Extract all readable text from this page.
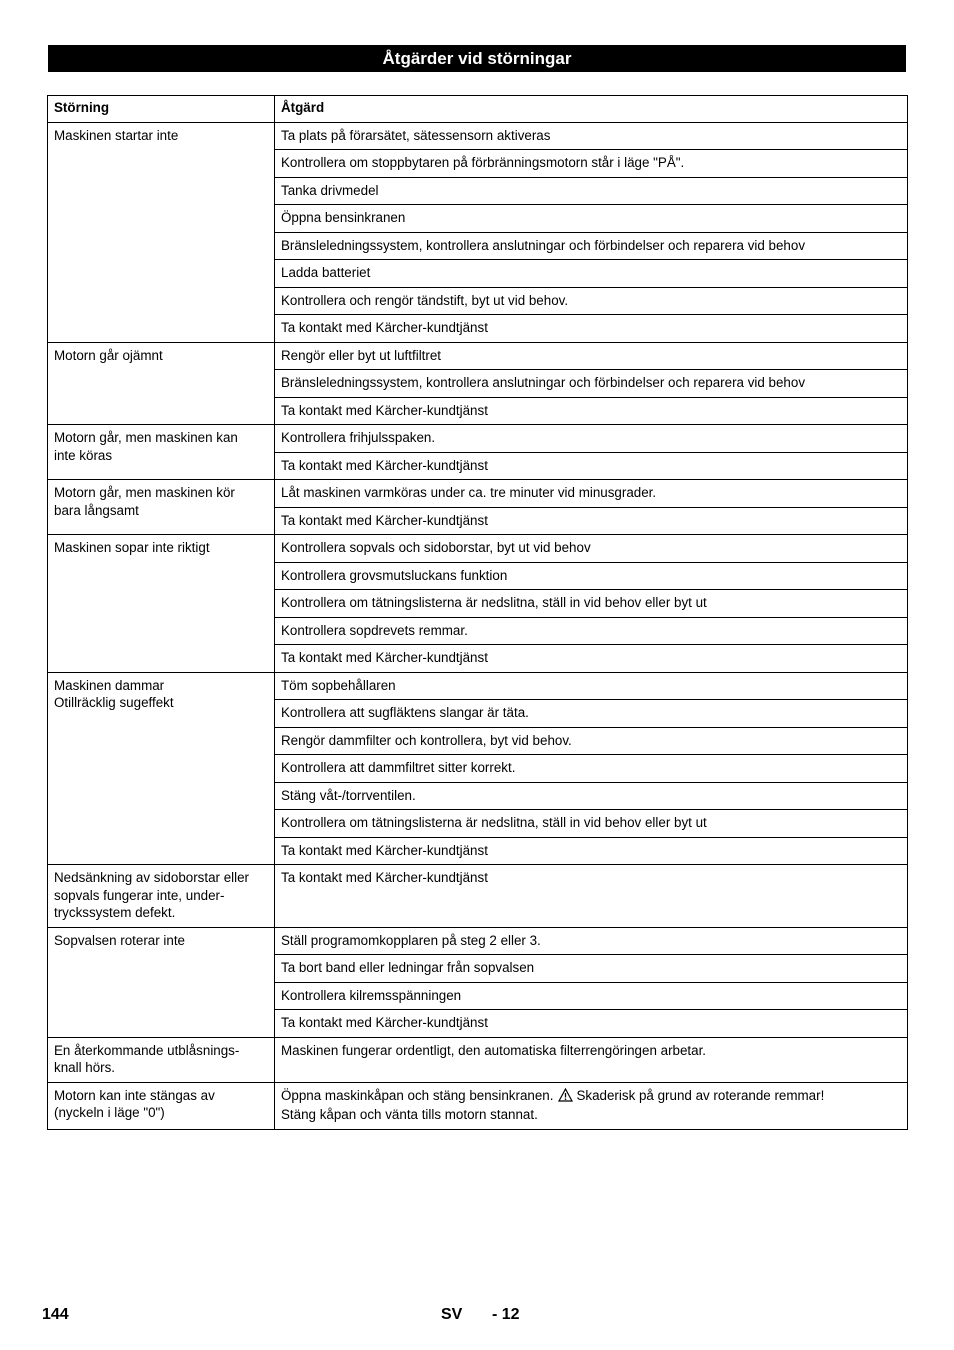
Åtgärder vid störningar
Störning	Åtgärd

Maskinen startar inte	Ta plats på förarsätet, sätessensorn aktiveras
	Kontrollera om stoppbytaren på förbränningsmotorn står i läge "PÅ".
	Tanka drivmedel
	Öppna bensinkranen
	Bränsleledningssystem, kontrollera anslutningar och förbindelser och reparera vid behov
	Ladda batteriet
	Kontrollera och rengör tändstift, byt ut vid behov.
	Ta kontakt med Kärcher-kundtjänst

Motorn går ojämnt	Rengör eller byt ut luftfiltret
	Bränsleledningssystem, kontrollera anslutningar och förbindelser och reparera vid behov
	Ta kontakt med Kärcher-kundtjänst

Motorn går, men maskinen kan
inte köras	Kontrollera frihjulsspaken.
	Ta kontakt med Kärcher-kundtjänst

Motorn går, men maskinen kör
bara långsamt	Låt maskinen varmköras under ca. tre minuter vid minusgrader.
	Ta kontakt med Kärcher-kundtjänst

Maskinen sopar inte riktigt	Kontrollera sopvals och sidoborstar, byt ut vid behov
	Kontrollera grovsmutsluckans funktion
	Kontrollera om tätningslisterna är nedslitna, ställ in vid behov eller byt ut
	Kontrollera sopdrevets remmar.
	Ta kontakt med Kärcher-kundtjänst

Maskinen dammar
Otillräcklig sugeffekt	Töm sopbehållaren
	Kontrollera att sugfläktens slangar är täta.
	Rengör dammfilter och kontrollera, byt vid behov.
	Kontrollera att dammfiltret sitter korrekt.
	Stäng våt-/torrventilen.
	Kontrollera om tätningslisterna är nedslitna, ställ in vid behov eller byt ut
	Ta kontakt med Kärcher-kundtjänst

Nedsänkning av sidoborstar eller
sopvals fungerar inte, under-
tryckssystem defekt.	Ta kontakt med Kärcher-kundtjänst

Sopvalsen roterar inte	Ställ programomkopplaren på steg 2 eller 3.
	Ta bort band eller ledningar från sopvalsen
	Kontrollera kilremsspänningen
	Ta kontakt med Kärcher-kundtjänst

En återkommande utblåsnings-
knall hörs.	Maskinen fungerar ordentligt, den automatiska filterrengöringen arbetar.

Motorn kan inte stängas av
(nyckeln i läge "0")	Öppna maskinkåpan och stäng bensinkranen. Skaderisk på grund av roterande remmar!
Stäng kåpan och vänta tills motorn stannat.
144	SV - 12
